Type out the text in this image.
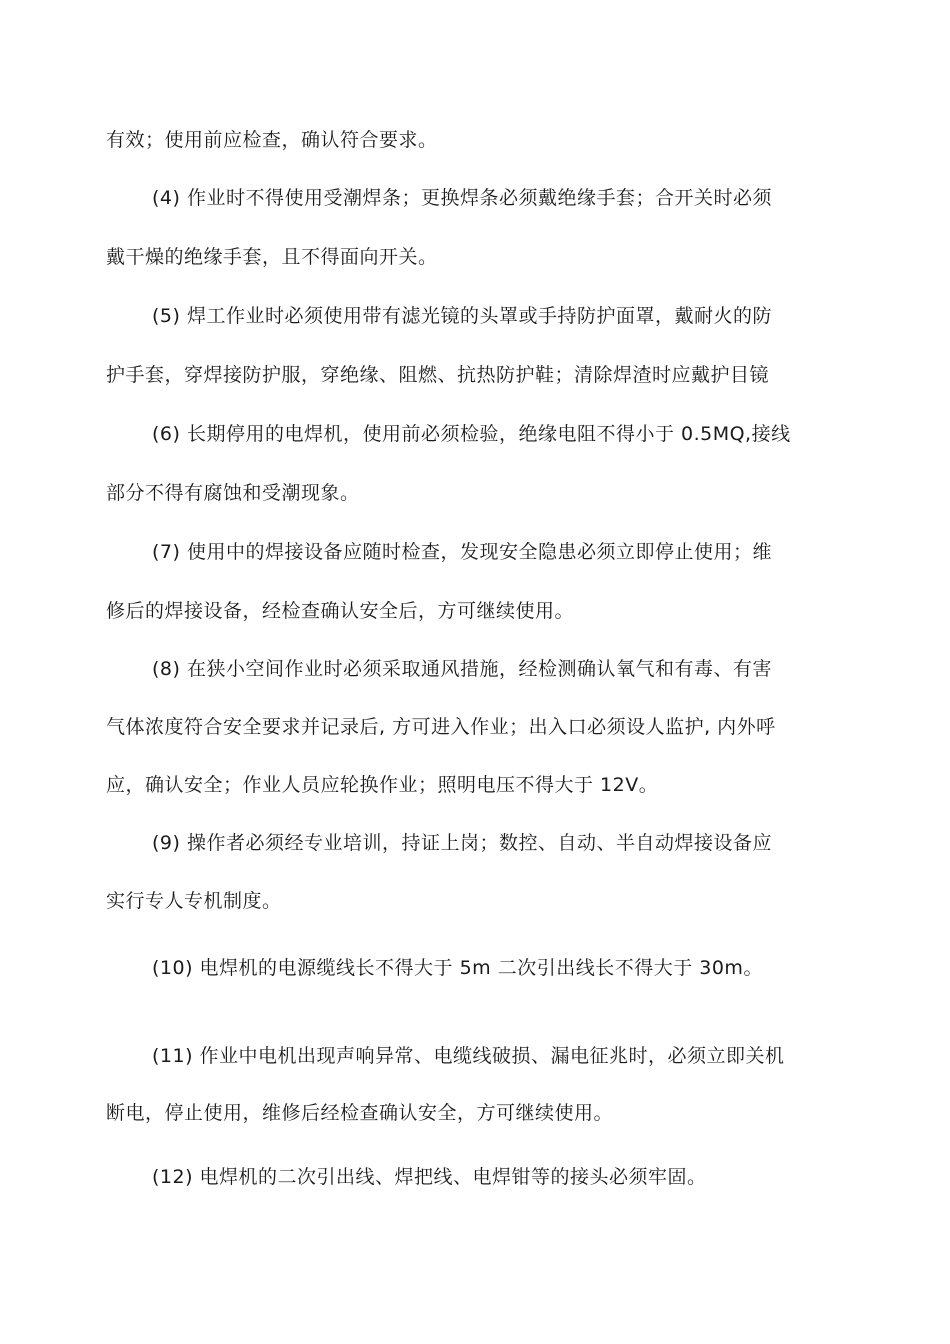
有效；使用前应检查，确认符合要求。
(4) 作业时不得使用受潮焊条；更换焊条必须戴绝缘手套；合开关时必须
戴干燥的绝缘手套，且不得面向开关。
(5) 焊工作业时必须使用带有滤光镜的头罩或手持防护面罩，戴耐火的防
护手套，穿焊接防护服，穿绝缘、阻燃、抗热防护鞋；清除焊渣时应戴护目镜
(6) 长期停用的电焊机，使用前必须检验，绝缘电阻不得小于 0.5MQ,接线
部分不得有腐蚀和受潮现象。
(7) 使用中的焊接设备应随时检查，发现安全隐患必须立即停止使用；维
修后的焊接设备，经检查确认安全后，方可继续使用。
(8) 在狭小空间作业时必须采取通风措施，经检测确认氧气和有毒、有害
气体浓度符合安全要求并记录后, 方可进入作业；出入口必须设人监护, 内外呼
应，确认安全；作业人员应轮换作业；照明电压不得大于 12V。
(9) 操作者必须经专业培训，持证上岗；数控、自动、半自动焊接设备应
实行专人专机制度。
(10) 电焊机的电源缆线长不得大于 5m 二次引出线长不得大于 30m。
(11) 作业中电机出现声响异常、电缆线破损、漏电征兆时，必须立即关机
断电，停止使用，维修后经检查确认安全，方可继续使用。
(12) 电焊机的二次引出线、焊把线、电焊钳等的接头必须牢固。
